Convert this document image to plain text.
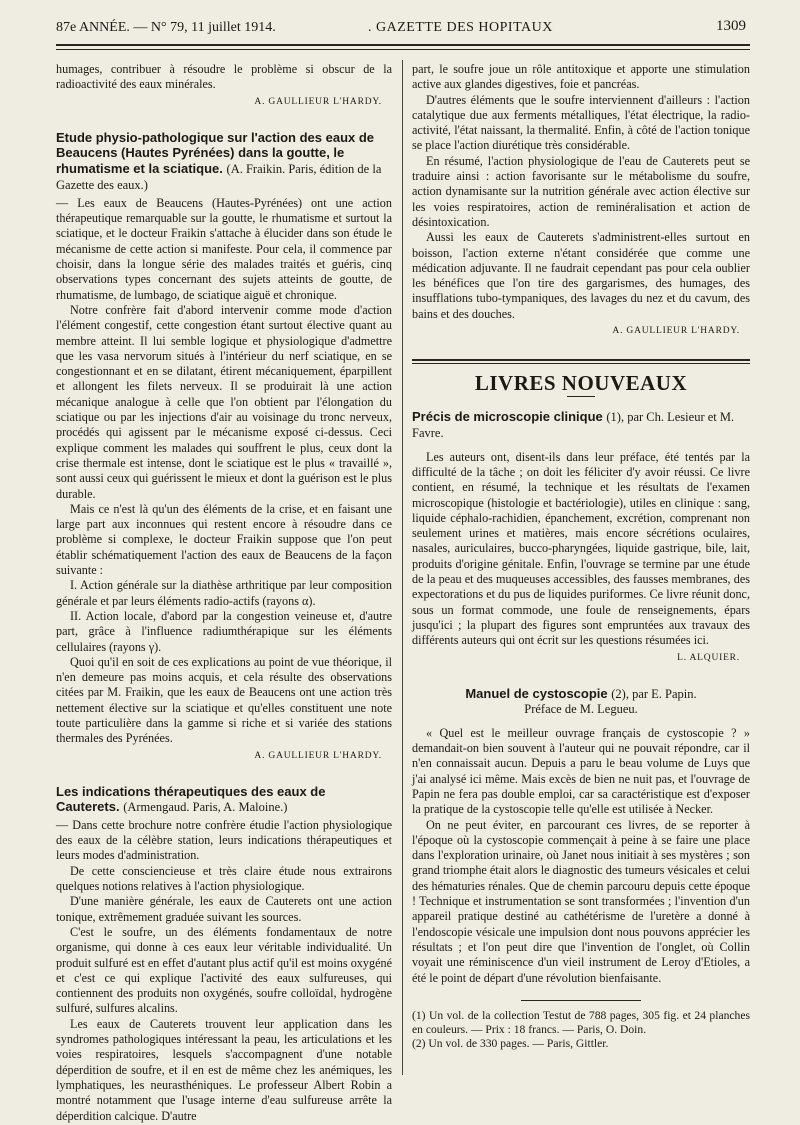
87e ANNÉE. — N° 79, 11 juillet 1914.	. GAZETTE DES HOPITAUX	1309

humages, contribuer à résoudre le problème si obscur de la radioactivité des eaux minérales.

A. GAULLIEUR L'HARDY.
Etude physio-pathologique sur l'action des eaux de Beaucens (Hautes Pyrénées) dans la goutte, le rhumatisme et la sciatique. (A. Fraikin. Paris, édition de la Gazette des eaux.)

— Les eaux de Beaucens (Hautes-Pyrénées) ont une action thérapeutique remarquable sur la goutte, le rhumatisme et surtout la sciatique, et le docteur Fraikin s'attache à élucider dans son étude le mécanisme de cette action si manifeste. Pour cela, il commence par choisir, dans la longue série des malades traités et guéris, cinq observations types concernant des sujets atteints de goutte, de rhumatisme, de lumbago, de sciatique aiguë et chronique.

Notre confrère fait d'abord intervenir comme mode d'action l'élément congestif, cette congestion étant surtout élective quant au membre atteint. Il lui semble logique et physiologique d'admettre que les vasa nervorum situés à l'intérieur du nerf sciatique, en se congestionnant et en se dilatant, étirent mécaniquement, éparpillent et allongent les filets nerveux. Il se produirait là une action mécanique analogue à celle que l'on obtient par l'élongation du sciatique ou par les injections d'air au voisinage du tronc nerveux, procédés qui agissent par le mécanisme exposé ci-dessus. Ceci explique comment les malades qui souffrent le plus, ceux dont la crise thermale est intense, dont le sciatique est le plus « travaillé », sont aussi ceux qui guérissent le mieux et dont la guérison est le plus durable.

Mais ce n'est là qu'un des éléments de la crise, et en faisant une large part aux inconnues qui restent encore à résoudre dans ce problème si complexe, le docteur Fraikin suppose que l'on peut établir schématiquement l'action des eaux de Beaucens de la façon suivante :

I. Action générale sur la diathèse arthritique par leur composition générale et par leurs éléments radio-actifs (rayons α).

II. Action locale, d'abord par la congestion veineuse et, d'autre part, grâce à l'influence radiumthérapique sur les éléments cellulaires (rayons γ).

Quoi qu'il en soit de ces explications au point de vue théorique, il n'en demeure pas moins acquis, et cela résulte des observations citées par M. Fraikin, que les eaux de Beaucens ont une action très nettement élective sur la sciatique et qu'elles constituent une note toute particulière dans la gamme si riche et si variée des stations thermales des Pyrénées.

A. GAULLIEUR L'HARDY.
Les indications thérapeutiques des eaux de Cauterets. (Armengaud. Paris, A. Maloine.)

— Dans cette brochure notre confrère étudie l'action physiologique des eaux de la célèbre station, leurs indications thérapeutiques et leurs modes d'administration.

De cette consciencieuse et très claire étude nous extrairons quelques notions relatives à l'action physiologique.

D'une manière générale, les eaux de Cauterets ont une action tonique, extrêmement graduée suivant les sources.

C'est le soufre, un des éléments fondamentaux de notre organisme, qui donne à ces eaux leur véritable individualité. Un produit sulfuré est en effet d'autant plus actif qu'il est moins oxygéné et c'est ce qui explique l'activité des eaux sulfureuses, qui contiennent des produits non oxygénés, soufre colloïdal, hydrogène sulfuré, sulfures alcalins.

Les eaux de Cauterets trouvent leur application dans les syndromes pathologiques intéressant la peau, les articulations et les voies respiratoires, lesquels s'accompagnent d'une notable déperdition de soufre, et il en est de même chez les anémiques, les lymphatiques, les neurasthéniques. Le professeur Albert Robin a montré notamment que l'usage interne d'eau sulfureuse arrête la déperdition calcique. D'autre

part, le soufre joue un rôle antitoxique et apporte une stimulation active aux glandes digestives, foie et pancréas.

D'autres éléments que le soufre interviennent d'ailleurs : l'action catalytique due aux ferments métalliques, l'état électrique, la radio-activité, l'état naissant, la thermalité. Enfin, à côté de l'action tonique se place l'action diurétique très considérable.

En résumé, l'action physiologique de l'eau de Cauterets peut se traduire ainsi : action favorisante sur le métabolisme du soufre, action dynamisante sur la nutrition générale avec action élective sur les voies respiratoires, action de reminéralisation et action de désintoxication.

Aussi les eaux de Cauterets s'administrent-elles surtout en boisson, l'action externe n'étant considérée que comme une médication adjuvante. Il ne faudrait cependant pas pour cela oublier les bénéfices que l'on tire des gargarismes, des humages, des insufflations tubo-tympaniques, des lavages du nez et du cavum, des bains et des douches.

A. GAULLIEUR L'HARDY.
LIVRES NOUVEAUX
Précis de microscopie clinique (1), par Ch. Lesieur et M. Favre.

Les auteurs ont, disent-ils dans leur préface, été tentés par la difficulté de la tâche ; on doit les féliciter d'y avoir réussi. Ce livre contient, en résumé, la technique et les résultats de l'examen microscopique (histologie et bactériologie), utiles en clinique : sang, liquide céphalo-rachidien, épanchement, excrétion, comprenant non seulement urines et matières, mais encore sécrétions oculaires, nasales, auriculaires, bucco-pharyngées, liquide gastrique, bile, lait, produits d'origine génitale. Enfin, l'ouvrage se termine par une étude de la peau et des muqueuses accessibles, des fausses membranes, des expectorations et du pus de liquides puriformes. Ce livre réunit donc, sous un format commode, une foule de renseignements, épars jusqu'ici ; la plupart des figures sont empruntées aux travaux des différents auteurs qui ont écrit sur les questions résumées ici.

L. ALQUIER.
Manuel de cystoscopie (2), par E. Papin.
Préface de M. Legueu.

« Quel est le meilleur ouvrage français de cystoscopie ? » demandait-on bien souvent à l'auteur qui ne pouvait répondre, car il n'en connaissait aucun. Depuis a paru le beau volume de Luys que j'ai analysé ici même. Mais excès de bien ne nuit pas, et l'ouvrage de Papin ne fera pas double emploi, car sa caractéristique est d'exposer la pratique de la cystoscopie telle qu'elle est utilisée à Necker.

On ne peut éviter, en parcourant ces livres, de se reporter à l'époque où la cystoscopie commençait à peine à se faire une place dans l'exploration urinaire, où Janet nous initiait à ses mystères ; son grand triomphe était alors le diagnostic des tumeurs vésicales et celui des hématuries rénales. Que de chemin parcouru depuis cette époque ! Technique et instrumentation se sont transformées ; l'invention d'un appareil pratique destiné au cathétérisme de l'uretère a donné à l'endoscopie vésicale une impulsion dont nous pouvons apprécier les résultats ; et l'on peut dire que l'invention de l'onglet, où Collin voyait une réminiscence d'un vieil instrument de Leroy d'Etioles, a été le point de départ d'une révolution bienfaisante.

(1) Un vol. de la collection Testut de 788 pages, 305 fig. et 24 planches en couleurs. — Prix : 18 francs. — Paris, O. Doin.

(2) Un vol. de 330 pages. — Paris, Gittler.
